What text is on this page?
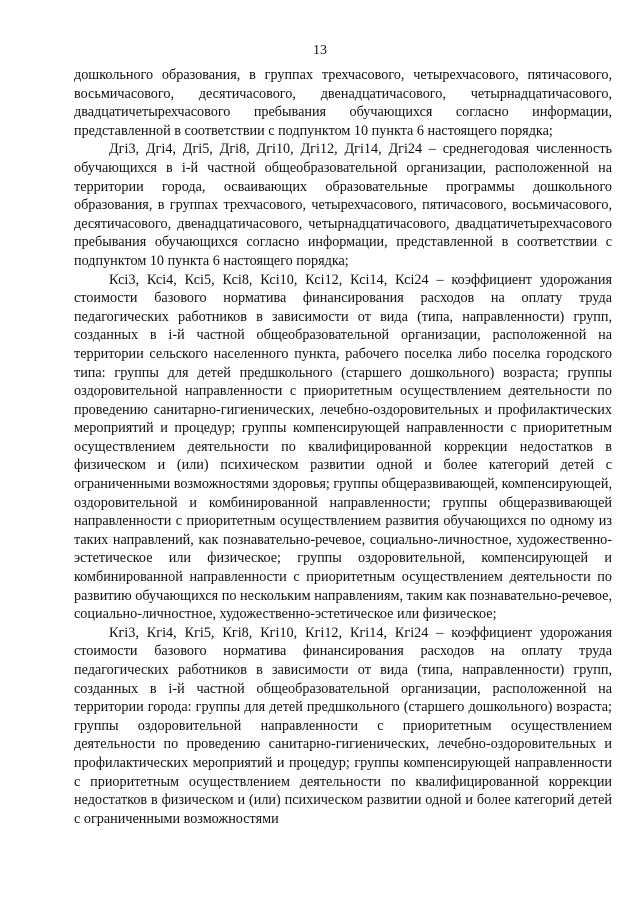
13

дошкольного образования, в группах трехчасового, четырехчасового, пятичасового, восьмичасового, десятичасового, двенадцатичасового, четырнадцатичасового, двадцатичетырехчасового пребывания обучающихся согласно информации, представленной в соответствии с подпунктом 10 пункта 6 настоящего порядка;

Дгi3, Дгi4, Дгi5, Дгi8, Дгi10, Дгi12, Дгi14, Дгi24 – среднегодовая численность обучающихся в i-й частной общеобразовательной организации, расположенной на территории города, осваивающих образовательные программы дошкольного образования, в группах трехчасового, четырехчасового, пятичасового, восьмичасового, десятичасового, двенадцатичасового, четырнадцатичасового, двадцатичетырехчасового пребывания обучающихся согласно информации, представленной в соответствии с подпунктом 10 пункта 6 настоящего порядка;

Ксi3, Ксi4, Ксi5, Ксi8, Ксi10, Ксi12, Ксi14, Ксi24 – коэффициент удорожания стоимости базового норматива финансирования расходов на оплату труда педагогических работников в зависимости от вида (типа, направленности) групп, созданных в i-й частной общеобразовательной организации, расположенной на территории сельского населенного пункта, рабочего поселка либо поселка городского типа: группы для детей предшкольного (старшего дошкольного) возраста; группы оздоровительной направленности с приоритетным осуществлением деятельности по проведению санитарно-гигиенических, лечебно-оздоровительных и профилактических мероприятий и процедур; группы компенсирующей направленности с приоритетным осуществлением деятельности по квалифицированной коррекции недостатков в физическом и (или) психическом развитии одной и более категорий детей с ограниченными возможностями здоровья; группы общеразвивающей, компенсирующей, оздоровительной и комбинированной направленности; группы общеразвивающей направленности с приоритетным осуществлением развития обучающихся по одному из таких направлений, как познавательно-речевое, социально-личностное, художественно-эстетическое или физическое; группы оздоровительной, компенсирующей и комбинированной направленности с приоритетным осуществлением деятельности по развитию обучающихся по нескольким направлениям, таким как познавательно-речевое, социально-личностное, художественно-эстетическое или физическое;

Кгi3, Кгi4, Кгi5, Кгi8, Кгi10, Кгi12, Кгi14, Кгi24 – коэффициент удорожания стоимости базового норматива финансирования расходов на оплату труда педагогических работников в зависимости от вида (типа, направленности) групп, созданных в i-й частной общеобразовательной организации, расположенной на территории города: группы для детей предшкольного (старшего дошкольного) возраста; группы оздоровительной направленности с приоритетным осуществлением деятельности по проведению санитарно-гигиенических, лечебно-оздоровительных и профилактических мероприятий и процедур; группы компенсирующей направленности с приоритетным осуществлением деятельности по квалифицированной коррекции недостатков в физическом и (или) психическом развитии одной и более категорий детей с ограниченными возможностями
